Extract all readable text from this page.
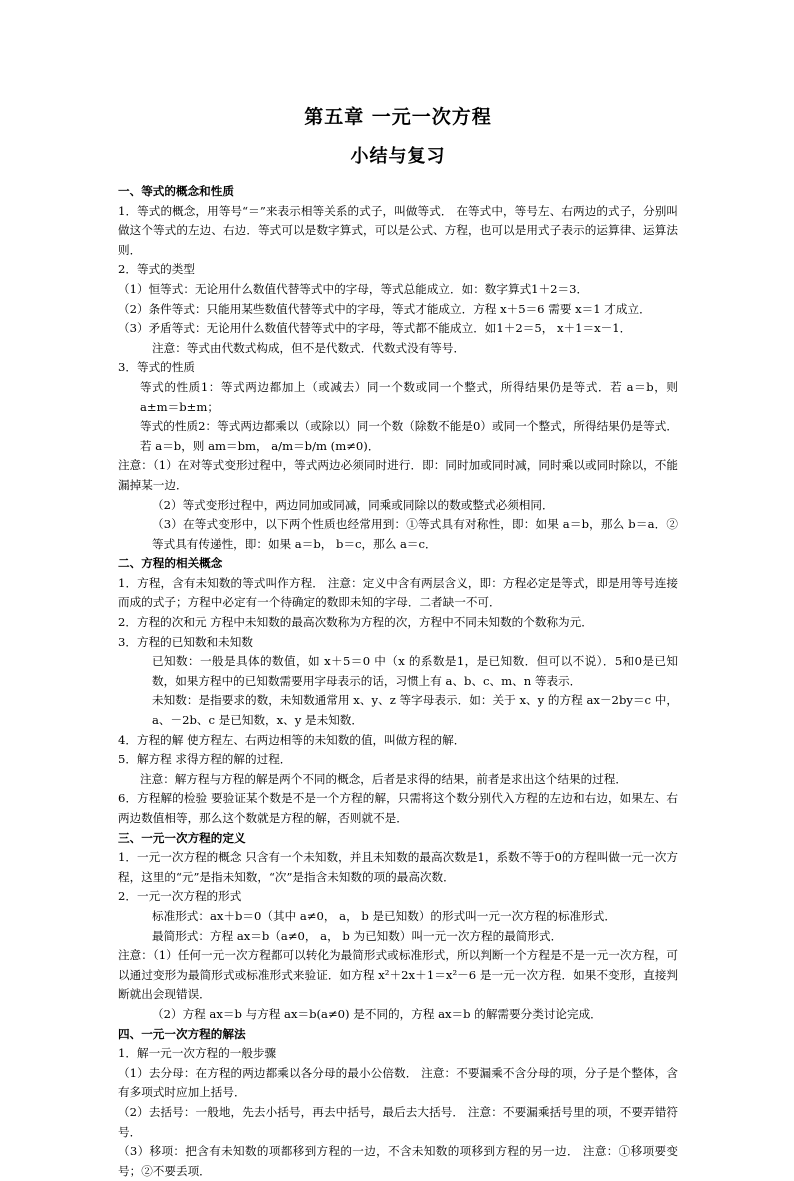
第五章 一元一次方程
小结与复习

一、等式的概念和性质

1．等式的概念，用等号“＝”来表示相等关系的式子，叫做等式． 在等式中，等号左、右两边的式子，分别叫做这个等式的左边、右边．等式可以是数字算式，可以是公式、方程，也可以是用式子表示的运算律、运算法则．

2．等式的类型

（1）恒等式：无论用什么数值代替等式中的字母，等式总能成立．如：数字算式1＋2＝3．

（2）条件等式：只能用某些数值代替等式中的字母，等式才能成立．方程 x＋5＝6 需要 x＝1 才成立．

（3）矛盾等式：无论用什么数值代替等式中的字母，等式都不能成立．如1＋2＝5， x＋1＝x－1．

注意：等式由代数式构成，但不是代数式．代数式没有等号．

3．等式的性质

等式的性质1：等式两边都加上（或减去）同一个数或同一个整式，所得结果仍是等式．若 a＝b，则 a±m＝b±m；

等式的性质2：等式两边都乘以（或除以）同一个数（除数不能是0）或同一个整式，所得结果仍是等式．若 a＝b，则 am＝bm， a/m＝b/m (m≠0)．

注意：（1）在对等式变形过程中，等式两边必须同时进行．即：同时加或同时减，同时乘以或同时除以，不能漏掉某一边．

（2）等式变形过程中，两边同加或同减，同乘或同除以的数或整式必须相同．

（3）在等式变形中，以下两个性质也经常用到：①等式具有对称性，即：如果 a＝b，那么 b＝a．②等式具有传递性，即：如果 a＝b， b＝c，那么 a＝c．

二、方程的相关概念

1．方程，含有未知数的等式叫作方程． 注意：定义中含有两层含义，即：方程必定是等式，即是用等号连接而成的式子；方程中必定有一个待确定的数即未知的字母．二者缺一不可．

2．方程的次和元 方程中未知数的最高次数称为方程的次，方程中不同未知数的个数称为元．

3．方程的已知数和未知数

已知数：一般是具体的数值，如 x＋5＝0 中（x 的系数是1，是已知数．但可以不说）．5和0是已知数，如果方程中的已知数需要用字母表示的话，习惯上有 a、b、c、m、n 等表示．

未知数：是指要求的数，未知数通常用 x、y、z 等字母表示．如：关于 x、y 的方程 ax－2by＝c 中，a、－2b、c 是已知数，x、y 是未知数．

4．方程的解 使方程左、右两边相等的未知数的值，叫做方程的解．

5．解方程 求得方程的解的过程．

注意：解方程与方程的解是两个不同的概念，后者是求得的结果，前者是求出这个结果的过程．

6．方程解的检验 要验证某个数是不是一个方程的解，只需将这个数分别代入方程的左边和右边，如果左、右两边数值相等，那么这个数就是方程的解，否则就不是．

三、一元一次方程的定义

1．一元一次方程的概念 只含有一个未知数，并且未知数的最高次数是1，系数不等于0的方程叫做一元一次方程，这里的“元”是指未知数，“次”是指含未知数的项的最高次数．

2．一元一次方程的形式

标准形式：ax＋b＝0（其中 a≠0， a， b 是已知数）的形式叫一元一次方程的标准形式．

最简形式：方程 ax＝b（a≠0， a， b 为已知数）叫一元一次方程的最简形式．

注意：（1）任何一元一次方程都可以转化为最简形式或标准形式，所以判断一个方程是不是一元一次方程，可以通过变形为最简形式或标准形式来验证．如方程 x²＋2x＋1＝x²－6 是一元一次方程．如果不变形，直接判断就出会现错误．

（2）方程 ax＝b 与方程 ax＝b(a≠0) 是不同的，方程 ax＝b 的解需要分类讨论完成．

四、一元一次方程的解法

1．解一元一次方程的一般步骤

（1）去分母：在方程的两边都乘以各分母的最小公倍数． 注意：不要漏乘不含分母的项，分子是个整体，含有多项式时应加上括号．

（2）去括号：一般地，先去小括号，再去中括号，最后去大括号． 注意：不要漏乘括号里的项，不要弄错符号．

（3）移项：把含有未知数的项都移到方程的一边，不含未知数的项移到方程的另一边． 注意：①移项要变号；②不要丢项．
